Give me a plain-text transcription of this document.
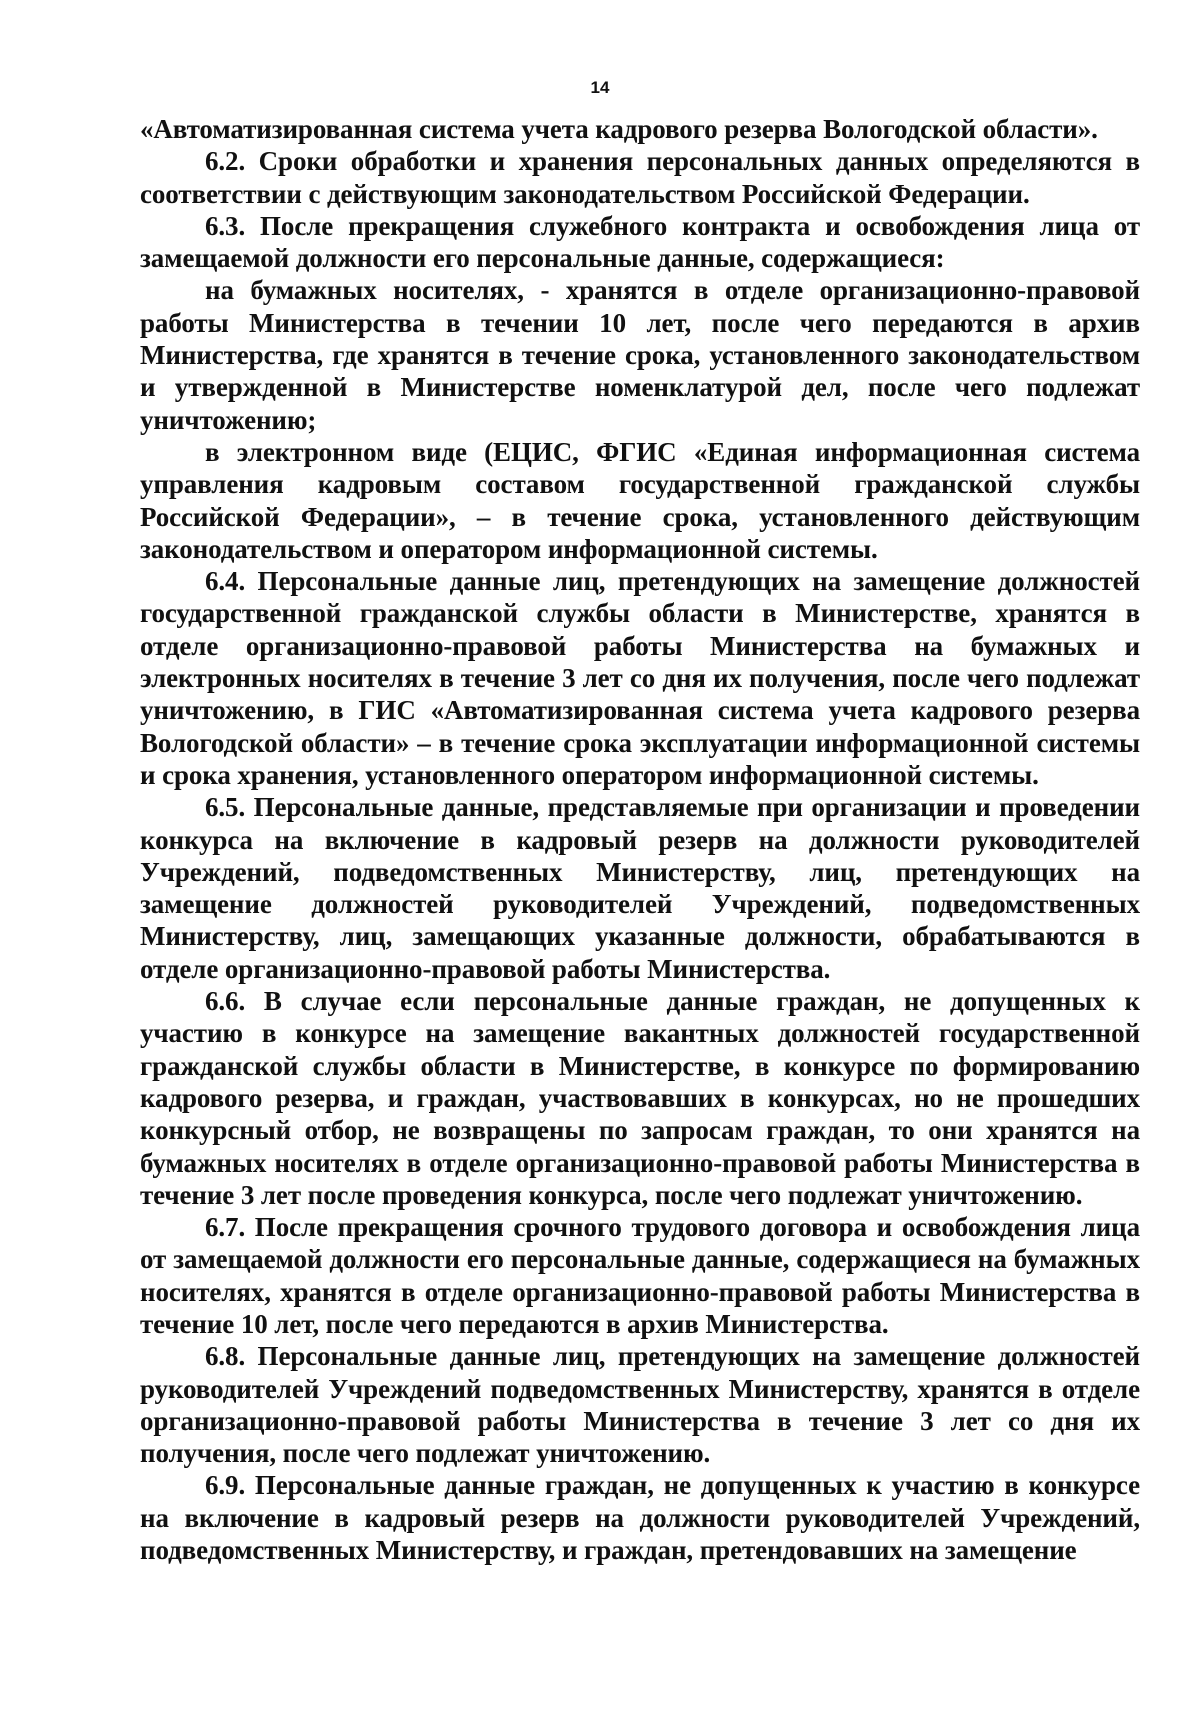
14

«Автоматизированная система учета кадрового резерва Вологодской области».

6.2. Сроки обработки и хранения персональных данных определяются в соответствии с действующим законодательством Российской Федерации.

6.3. После прекращения служебного контракта и освобождения лица от замещаемой должности его персональные данные, содержащиеся:

на бумажных носителях, - хранятся в отделе организационно-правовой работы Министерства в течении 10 лет, после чего передаются в архив Министерства, где хранятся в течение срока, установленного законодательством и утвержденной в Министерстве номенклатурой дел, после чего подлежат уничтожению;

в электронном виде (ЕЦИС, ФГИС «Единая информационная система управления кадровым составом государственной гражданской службы Российской Федерации», – в течение срока, установленного действующим законодательством и оператором информационной системы.

6.4. Персональные данные лиц, претендующих на замещение должностей государственной гражданской службы области в Министерстве, хранятся в отделе организационно-правовой работы Министерства на бумажных и электронных носителях в течение 3 лет со дня их получения, после чего подлежат уничтожению, в ГИС «Автоматизированная система учета кадрового резерва Вологодской области» – в течение срока эксплуатации информационной системы и срока хранения, установленного оператором информационной системы.

6.5. Персональные данные, представляемые при организации и проведении конкурса на включение в кадровый резерв на должности руководителей Учреждений, подведомственных Министерству, лиц, претендующих на замещение должностей руководителей Учреждений, подведомственных Министерству, лиц, замещающих указанные должности, обрабатываются в отделе организационно-правовой работы Министерства.

6.6. В случае если персональные данные граждан, не допущенных к участию в конкурсе на замещение вакантных должностей государственной гражданской службы области в Министерстве, в конкурсе по формированию кадрового резерва, и граждан, участвовавших в конкурсах, но не прошедших конкурсный отбор, не возвращены по запросам граждан, то они хранятся на бумажных носителях в отделе организационно-правовой работы Министерства в течение 3 лет после проведения конкурса, после чего подлежат уничтожению.

6.7. После прекращения срочного трудового договора и освобождения лица от замещаемой должности его персональные данные, содержащиеся на бумажных носителях, хранятся в отделе организационно-правовой работы Министерства в течение 10 лет, после чего передаются в архив Министерства.

6.8. Персональные данные лиц, претендующих на замещение должностей руководителей Учреждений подведомственных Министерству, хранятся в отделе организационно-правовой работы Министерства в течение 3 лет со дня их получения, после чего подлежат уничтожению.

6.9. Персональные данные граждан, не допущенных к участию в конкурсе на включение в кадровый резерв на должности руководителей Учреждений, подведомственных Министерству, и граждан, претендовавших на замещение
